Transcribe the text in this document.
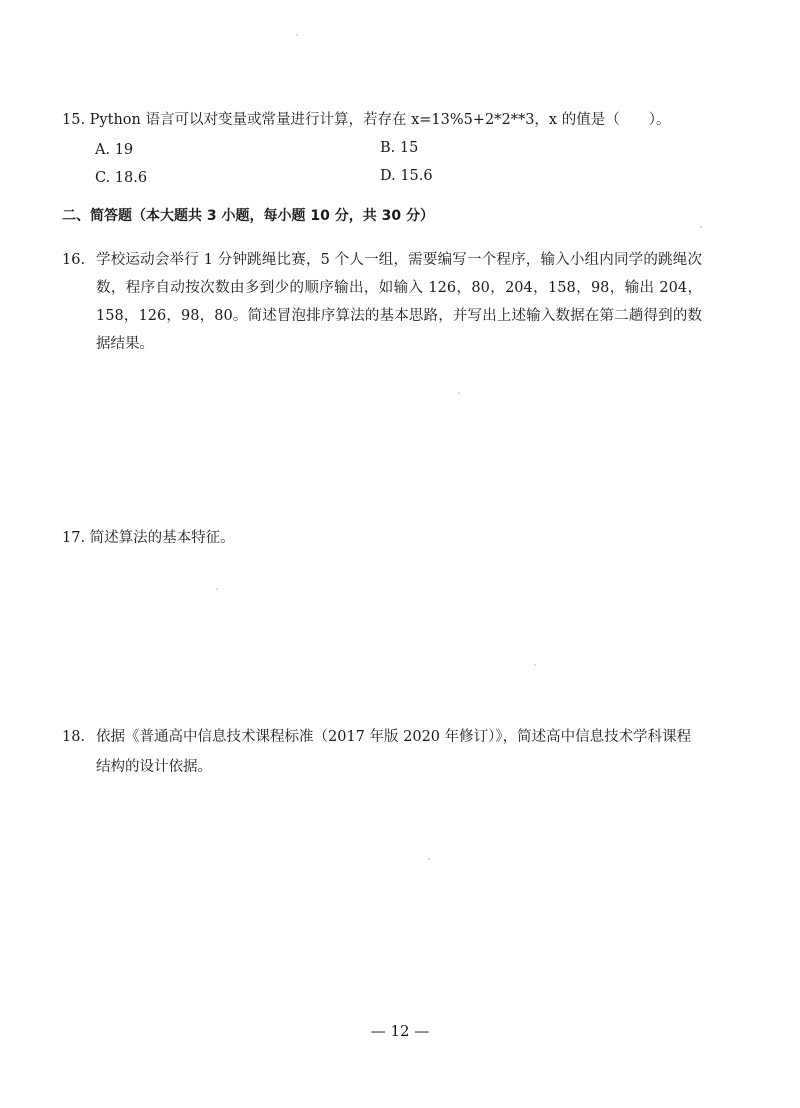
15. Python 语言可以对变量或常量进行计算，若存在 x=13%5+2*2**3，x 的值是（　　）。
A. 19	B. 15
C. 18.6	D. 15.6
二、简答题（本大题共 3 小题，每小题 10 分，共 30 分）
16. 学校运动会举行 1 分钟跳绳比赛，5 个人一组，需要编写一个程序，输入小组内同学的跳绳次数，程序自动按次数由多到少的顺序输出，如输入 126，80，204，158，98，输出 204，158，126，98，80。简述冒泡排序算法的基本思路，并写出上述输入数据在第二趟得到的数据结果。
17. 简述算法的基本特征。
18. 依据《普通高中信息技术课程标准（2017 年版 2020 年修订）》，简述高中信息技术学科课程结构的设计依据。
— 12 —
